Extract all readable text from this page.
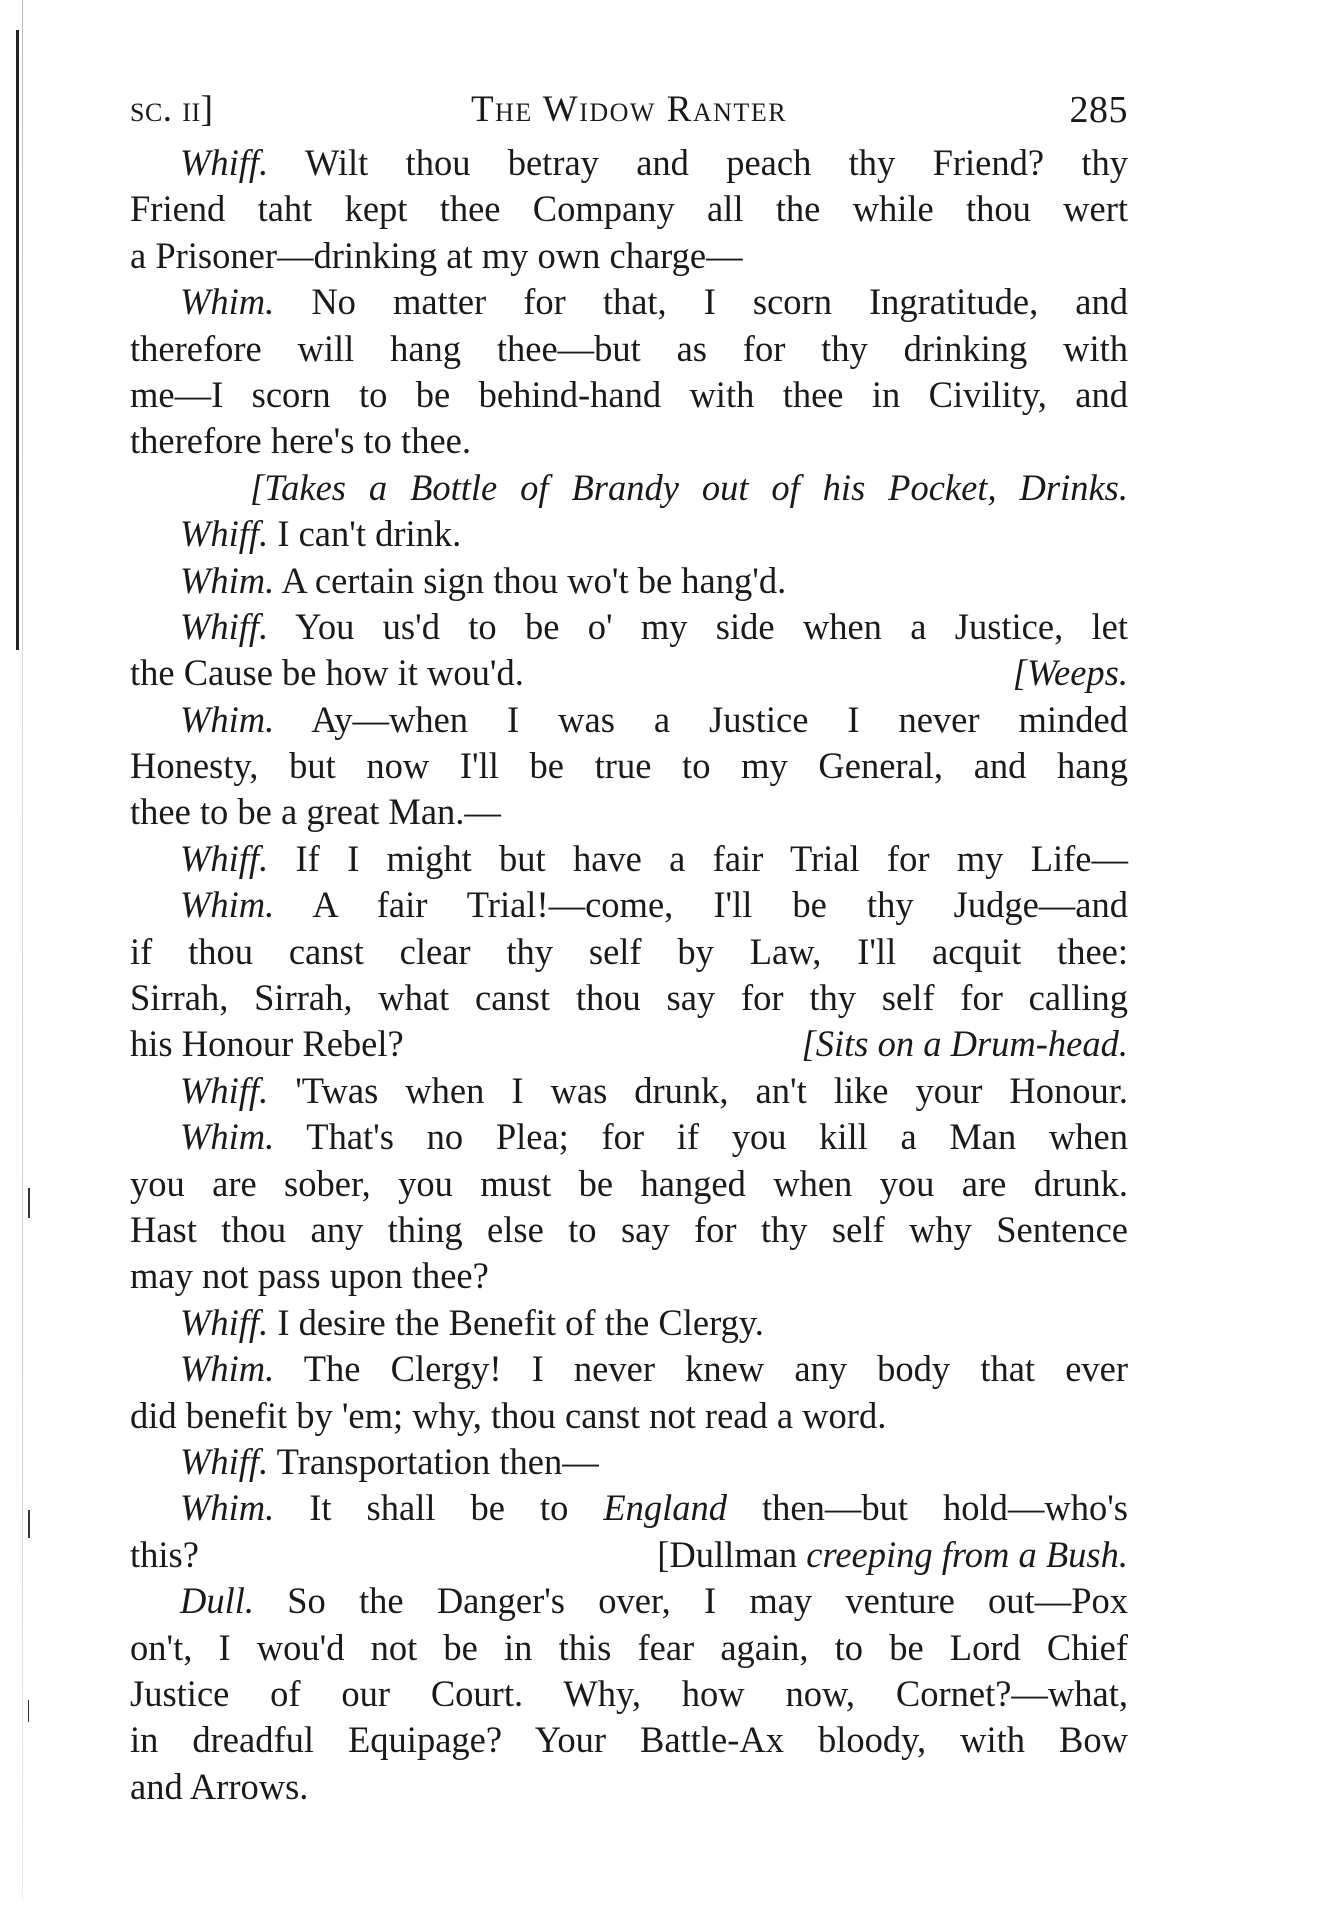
sc. ii]	The Widow Ranter	285
Whiff. Wilt thou betray and peach thy Friend? thy
Friend taht kept thee Company all the while thou wert
a Prisoner—drinking at my own charge—
Whim. No matter for that, I scorn Ingratitude, and
therefore will hang thee—but as for thy drinking with
me—I scorn to be behind-hand with thee in Civility, and
therefore here's to thee.
[Takes a Bottle of Brandy out of his Pocket, Drinks.
Whiff. I can't drink.
Whim. A certain sign thou wo't be hang'd.
Whiff. You us'd to be o' my side when a Justice, let
the Cause be how it wou'd.	[Weeps.
Whim. Ay—when I was a Justice I never minded
Honesty, but now I'll be true to my General, and hang
thee to be a great Man.—
Whiff. If I might but have a fair Trial for my Life—
Whim. A fair Trial!—come, I'll be thy Judge—and
if thou canst clear thy self by Law, I'll acquit thee:
Sirrah, Sirrah, what canst thou say for thy self for calling
his Honour Rebel?	[Sits on a Drum-head.
Whiff. 'Twas when I was drunk, an't like your Honour.
Whim. That's no Plea; for if you kill a Man when
you are sober, you must be hanged when you are drunk.
Hast thou any thing else to say for thy self why Sentence
may not pass upon thee?
Whiff. I desire the Benefit of the Clergy.
Whim. The Clergy! I never knew any body that ever
did benefit by 'em; why, thou canst not read a word.
Whiff. Transportation then—
Whim. It shall be to England then—but hold—who's
this?	[Dullman creeping from a Bush.
Dull. So the Danger's over, I may venture out—Pox
on't, I wou'd not be in this fear again, to be Lord Chief
Justice of our Court. Why, how now, Cornet?—what,
in dreadful Equipage? Your Battle-Ax bloody, with Bow
and Arrows.
